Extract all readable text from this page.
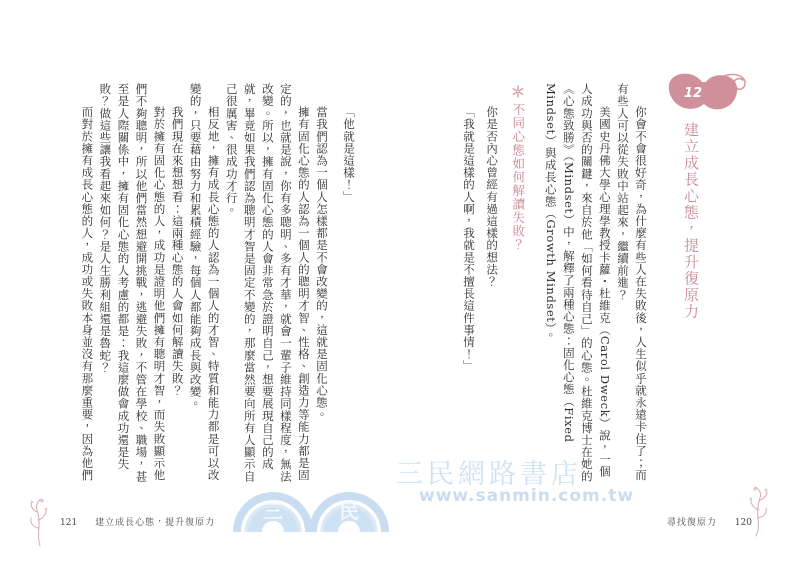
三	民
三民網路書店
www.sanmin.com.tw
12
建立成長心態，提升復原力

你會不會很好奇，為什麼有些人在失敗後，人生似乎就永遠卡住了；而有些人可以從失敗中站起來，繼續前進？

美國史丹佛大學心理學教授卡蘿・杜維克（Carol Dweck）說，一個人成功與否的關鍵，來自於他「如何看待自己」的心態。杜維克博士在她的《心態致勝》（Mindset）中，解釋了兩種心態：固化心態（Fixed Mindset）與成長心態（Growth Mindset）。

不同心態如何解讀失敗？

你是否內心曾經有過這樣的想法？

「我就是這樣的人啊，我就是不擅長這件事情！」

「他就是這樣！」

當我們認為一個人怎樣都是不會改變的，這就是固化心態。

擁有固化心態的人認為一個人的聰明才智、性格、創造力等能力都是固定的，也就是說，你有多聰明、多有才華，就會一輩子維持同樣程度，無法改變。所以，擁有固化心態的人會非常急於證明自己，想要展現自己的成就，畢竟如果我們認為聰明才智是固定不變的，那麼當然要向所有人顯示自己很厲害、很成功才行。

相反地，擁有成長心態的人認為一個人的才智、特質和能力都是可以改變的，只要藉由努力和累積經驗，每個人都能夠成長與改變。

我們現在來想想看：這兩種心態的人會如何解讀失敗？

對於擁有固化心態的人，成功是證明他們擁有聰明才智，而失敗顯示他們不夠聰明，所以他們當然想避開挑戰，逃避失敗，不管在學校、職場，甚至是人際關係中，擁有固化心態的人考慮的都是：我這麼做會成功還是失敗？做這些讓我看起來如何？是人生勝利組還是魯蛇？

而對於擁有成長心態的人，成功或失敗本身並沒有那麼重要，因為他們

121 建立成長心態，提升復原力	尋找復原力 120
